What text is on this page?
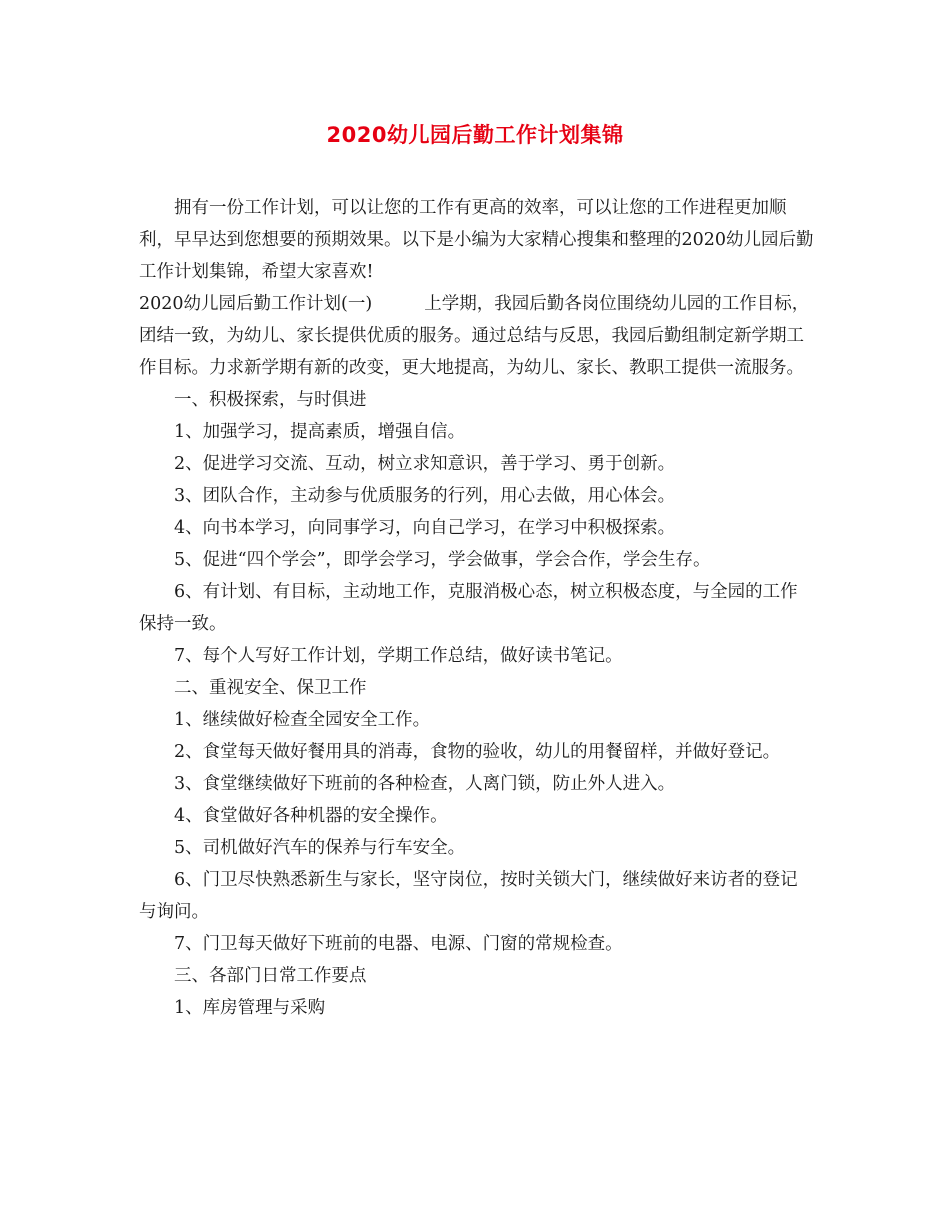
2020幼儿园后勤工作计划集锦

拥有一份工作计划，可以让您的工作有更高的效率，可以让您的工作进程更加顺利，早早达到您想要的预期效果。以下是小编为大家精心搜集和整理的2020幼儿园后勤工作计划集锦，希望大家喜欢!

2020幼儿园后勤工作计划(一)	上学期，我园后勤各岗位围绕幼儿园的工作目标，团结一致，为幼儿、家长提供优质的服务。通过总结与反思，我园后勤组制定新学期工作目标。力求新学期有新的改变，更大地提高，为幼儿、家长、教职工提供一流服务。

一、积极探索，与时俱进

1、加强学习，提高素质，增强自信。

2、促进学习交流、互动，树立求知意识，善于学习、勇于创新。

3、团队合作，主动参与优质服务的行列，用心去做，用心体会。

4、向书本学习，向同事学习，向自己学习，在学习中积极探索。

5、促进“四个学会”，即学会学习，学会做事，学会合作，学会生存。

6、有计划、有目标，主动地工作，克服消极心态，树立积极态度，与全园的工作保持一致。

7、每个人写好工作计划，学期工作总结，做好读书笔记。

二、重视安全、保卫工作

1、继续做好检查全园安全工作。

2、食堂每天做好餐用具的消毒，食物的验收，幼儿的用餐留样，并做好登记。

3、食堂继续做好下班前的各种检查，人离门锁，防止外人进入。

4、食堂做好各种机器的安全操作。

5、司机做好汽车的保养与行车安全。

6、门卫尽快熟悉新生与家长，坚守岗位，按时关锁大门，继续做好来访者的登记与询问。

7、门卫每天做好下班前的电器、电源、门窗的常规检查。

三、各部门日常工作要点

1、库房管理与采购
